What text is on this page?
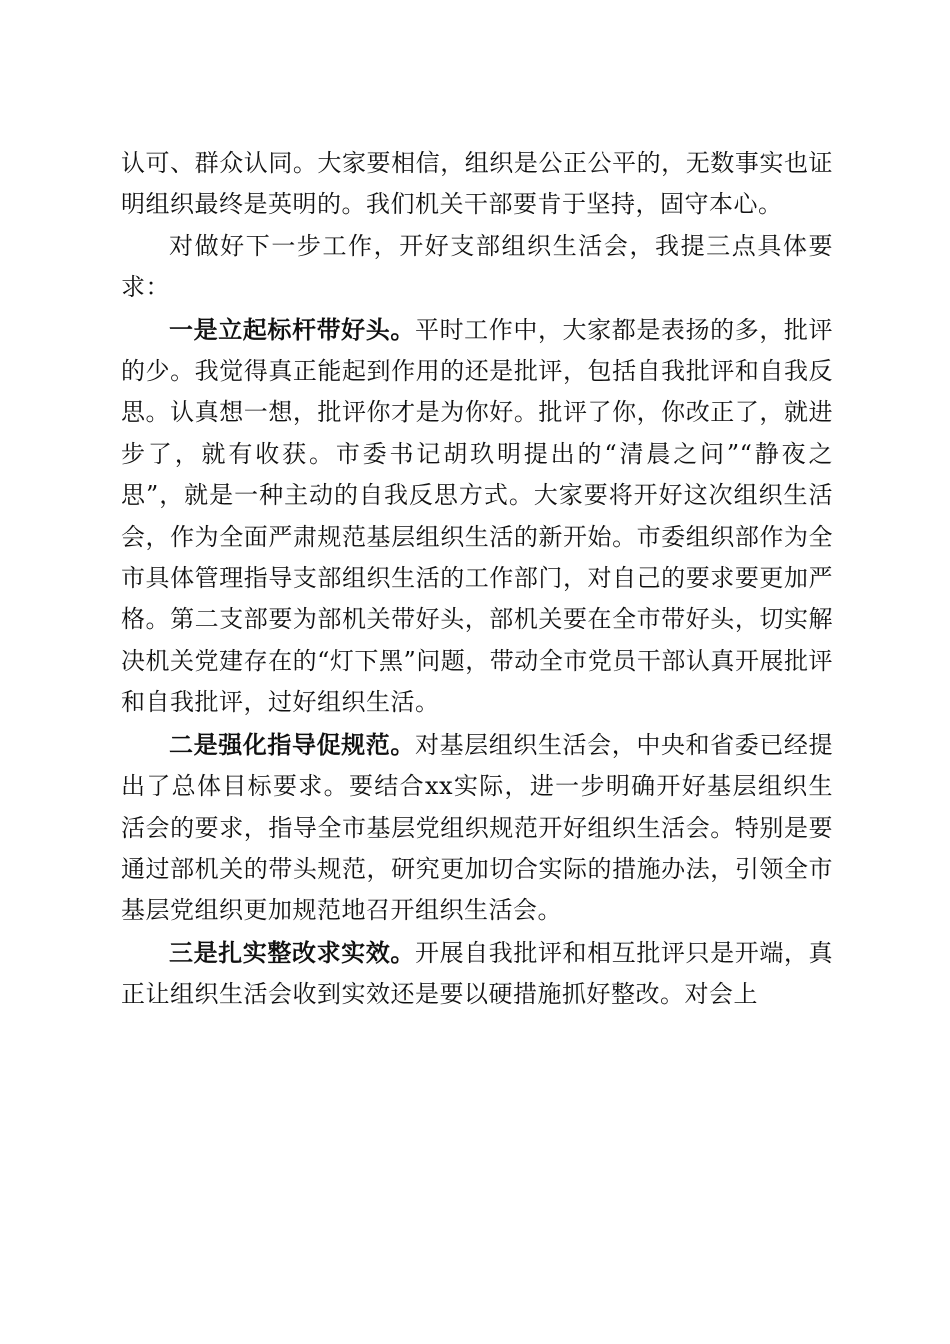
认可、群众认同。大家要相信，组织是公正公平的，无数事实也证明组织最终是英明的。我们机关干部要肯于坚持，固守本心。

对做好下一步工作，开好支部组织生活会，我提三点具体要求：

一是立起标杆带好头。平时工作中，大家都是表扬的多，批评的少。我觉得真正能起到作用的还是批评，包括自我批评和自我反思。认真想一想，批评你才是为你好。批评了你，你改正了，就进步了，就有收获。市委书记胡玖明提出的“清晨之问”“静夜之思”，就是一种主动的自我反思方式。大家要将开好这次组织生活会，作为全面严肃规范基层组织生活的新开始。市委组织部作为全市具体管理指导支部组织生活的工作部门，对自己的要求要更加严格。第二支部要为部机关带好头，部机关要在全市带好头，切实解决机关党建存在的“灯下黑”问题，带动全市党员干部认真开展批评和自我批评，过好组织生活。

二是强化指导促规范。对基层组织生活会，中央和省委已经提出了总体目标要求。要结合xx实际，进一步明确开好基层组织生活会的要求，指导全市基层党组织规范开好组织生活会。特别是要通过部机关的带头规范，研究更加切合实际的措施办法，引领全市基层党组织更加规范地召开组织生活会。

三是扎实整改求实效。开展自我批评和相互批评只是开端，真正让组织生活会收到实效还是要以硬措施抓好整改。对会上
